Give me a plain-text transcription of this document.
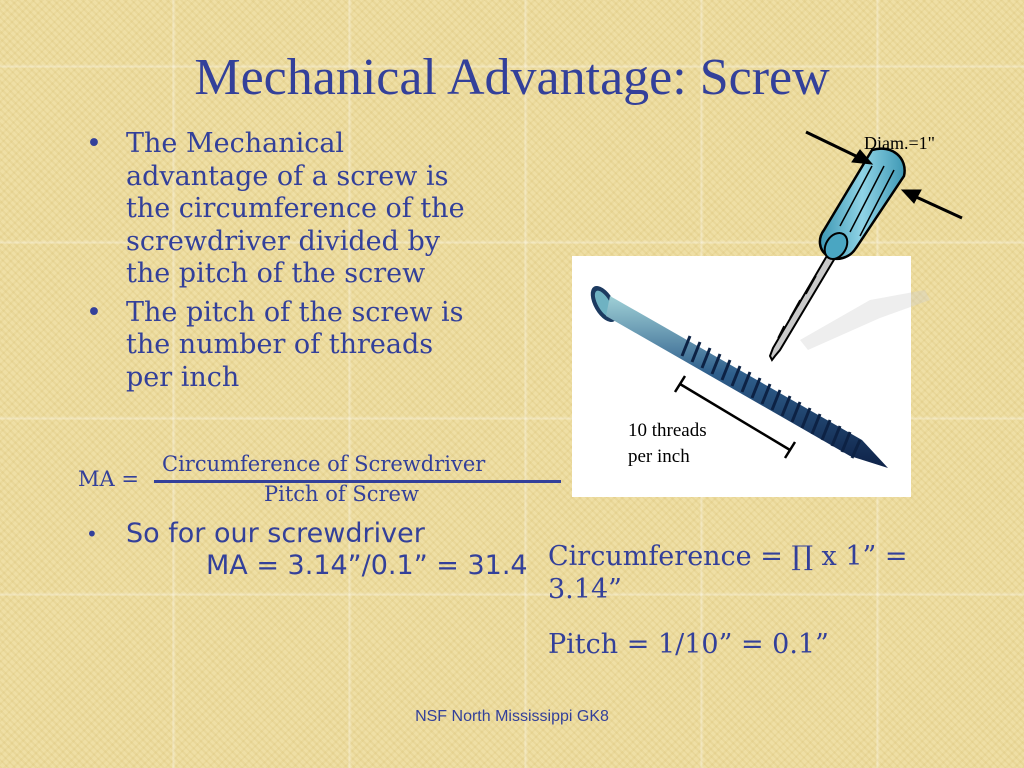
Mechanical Advantage: Screw
• The Mechanical advantage of a screw is the circumference of the screwdriver divided by the pitch of the screw
• The pitch of the screw is the number of threads per inch
MA =
Circumference of Screwdriver
Pitch of Screw
• So for our screwdriver
MA = 3.14”/0.1” = 31.4 Circumference = ∏ x 1” = 3.14”

Pitch = 1/10” = 0.1”

Diam.=1"
10 threads
per inch
NSF North Mississippi GK8
